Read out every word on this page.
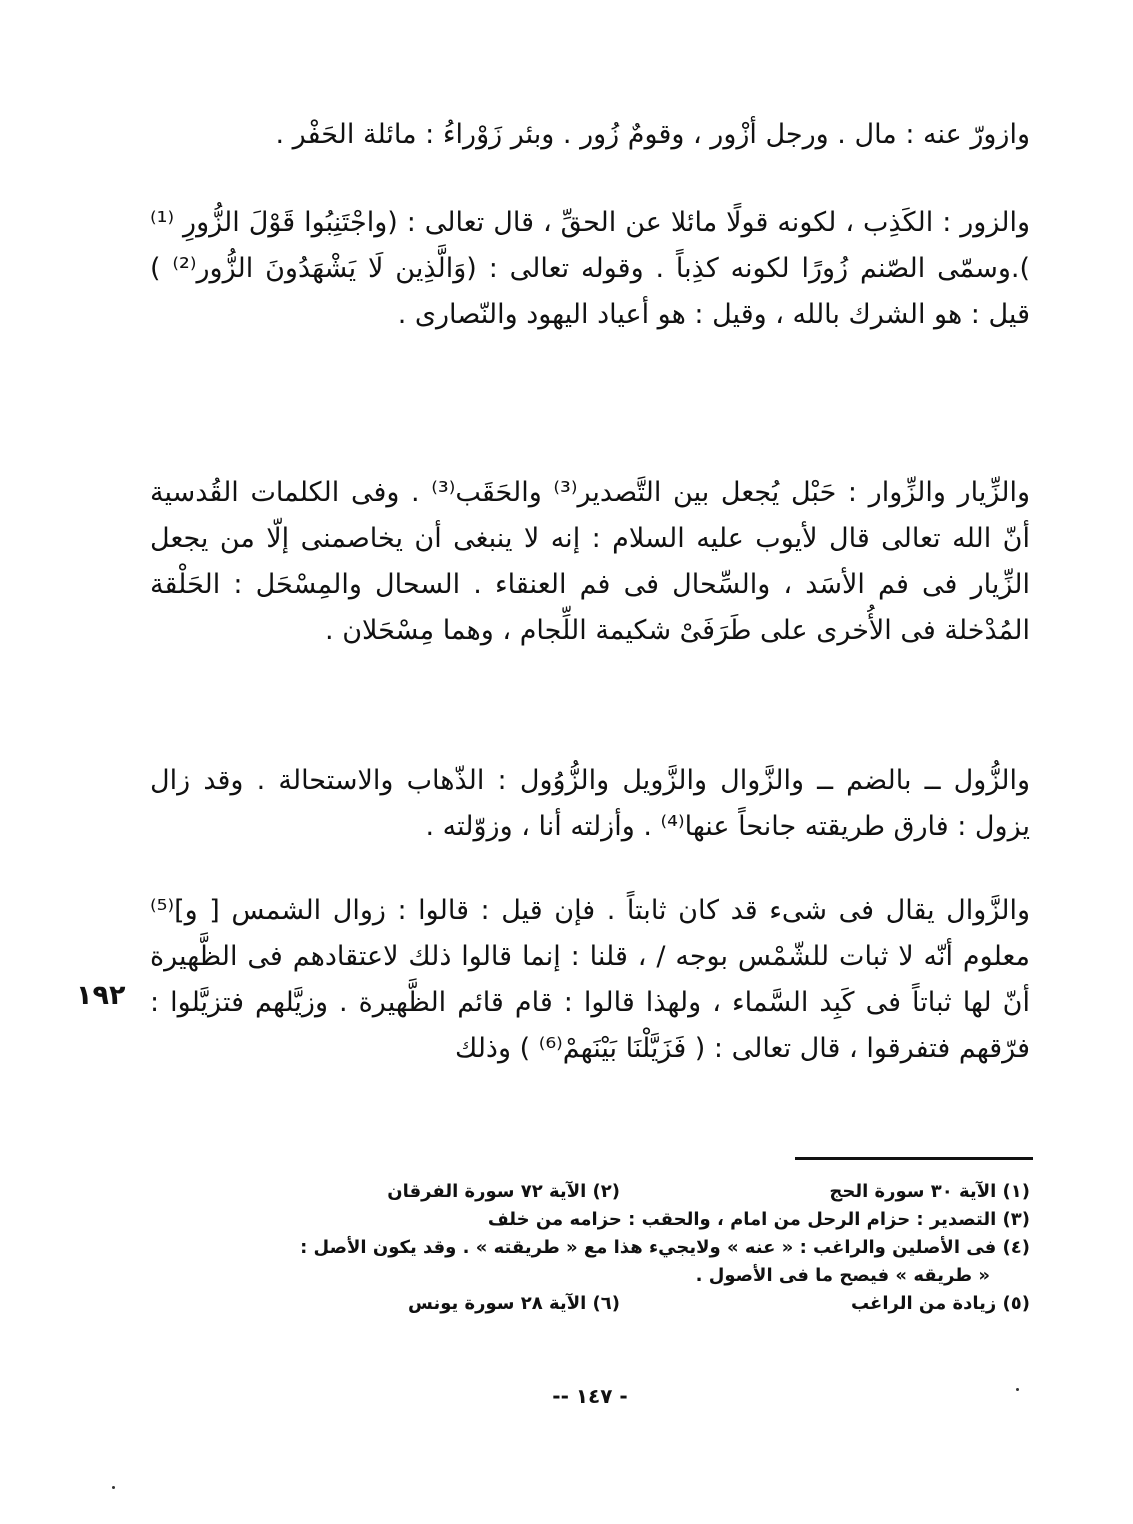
وازورّ عنه : مال . ورجل أزْور ، وقومٌ زُور . وبئر زَوْراءُ : مائلة الحَفْر .

والزور : الكَذِب ، لكونه قولًا مائلا عن الحقِّ ، قال تعالى : (واجْتَنِبُوا قَوْلَ الزُّورِ ⁽¹⁾ ).وسمّى الصّنم زُورًا لكونه كذِباً . وقوله تعالى : (وَالَّذِين لَا يَشْهَدُونَ الزُّور⁽²⁾ ) قيل : هو الشرك بالله ، وقيل : هو أعياد اليهود والنّصارى .

والزِّيار والزِّوار : حَبْل يُجعل بين التَّصدير⁽³⁾ والحَقَب⁽³⁾ . وفى الكلمات القُدسية أنّ الله تعالى قال لأيوب عليه السلام : إنه لا ينبغى أن يخاصمنى إلّا من يجعل الزِّيار فى فم الأسَد ، والسِّحال فى فم العنقاء . السحال والمِسْحَل : الحَلْقة المُدْخلة فى الأُخرى على طَرَفَىْ شكيمة اللِّجام ، وهما مِسْحَلان .

والزُّول ــ بالضم ــ والزَّوال والزَّويل والزُّوُول : الذّهاب والاستحالة . وقد زال يزول : فارق طريقته جانحاً عنها⁽⁴⁾ . وأزلته أنا ، وزوّلته .

والزَّوال يقال فى شىء قد كان ثابتاً . فإن قيل : قالوا : زوال الشمس [ و]⁽⁵⁾ معلوم أنّه لا ثبات للشّمْس بوجه / ، قلنا : إنما قالوا ذلك لاعتقادهم فى الظَّهيرة أنّ لها ثباتاً فى كَبِد السَّماء ، ولهذا قالوا : قام قائم الظَّهيرة . وزيَّلهم فتزيَّلوا : فرّقهم فتفرقوا ، قال تعالى : ( فَزَيَّلْنَا بَيْنَهمْ⁽⁶⁾ ) وذلك

١٩٢
(١) الآية ٣٠ سورة الحج
(٢) الآية ٧٢ سورة الفرقان
(٣) التصدير : حزام الرحل من امام ، والحقب : حزامه من خلف
(٤) فى الأصلين والراغب : « عنه » ولايجيء هذا مع « طريقته » . وقد يكون الأصل :
« طريقه » فيصح ما فى الأصول .
(٥) زيادة من الراغب
(٦) الآية ٢٨ سورة يونس
- ١٤٧ --
